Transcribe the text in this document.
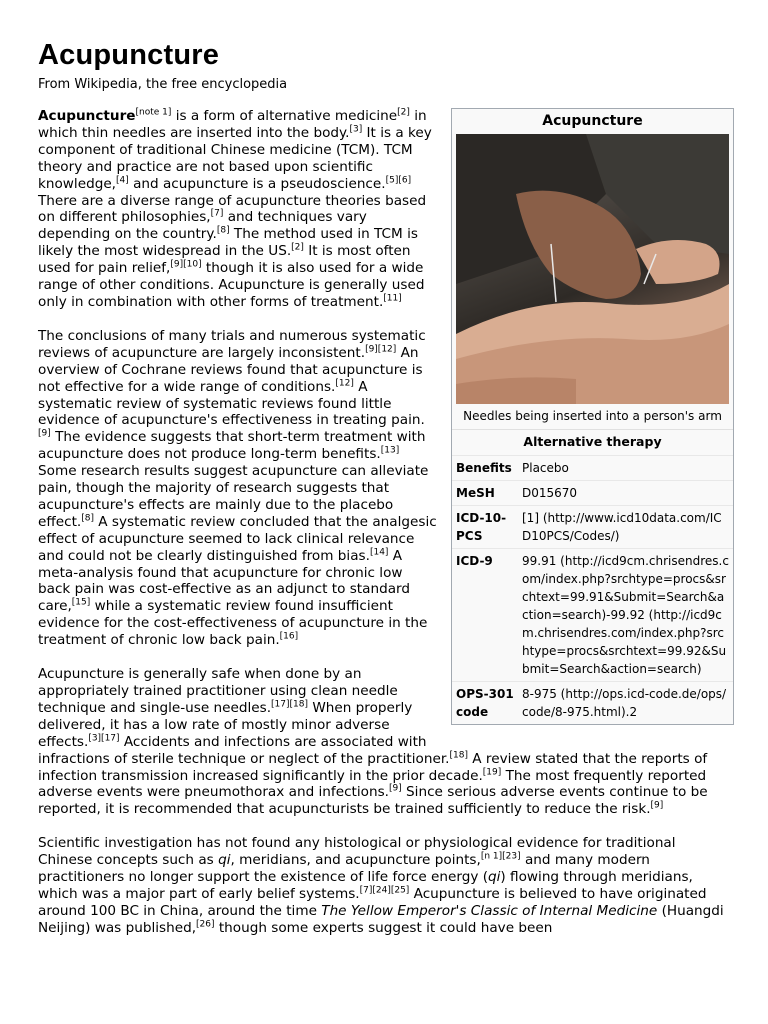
Acupuncture
From Wikipedia, the free encyclopedia
Acupuncture
Needles being inserted into a person's arm
Alternative therapy
Benefits Placebo
MeSH	D015670
ICD-10-PCS
[1] (http://www.icd10data.com/ICD10PCS/Codes/)
ICD-9	99.91 (http://icd9cm.chrisendres.com/index.php?srchtype=procs&srchtext=99.91&Submit=Search&action=search)-99.92 (http://icd9cm.chrisendres.com/index.php?srchtype=procs&srchtext=99.92&Submit=Search&action=search)
OPS-301 code
8-975 (http://ops.icd-code.de/ops/code/8-975.html).2

Acupuncture[note 1] is a form of alternative medicine[2] in which thin needles are inserted into the body.[3] It is a key component of traditional Chinese medicine (TCM). TCM theory and practice are not based upon scientific knowledge,[4] and acupuncture is a pseudoscience.[5][6] There are a diverse range of acupuncture theories based on different philosophies,[7] and techniques vary depending on the country.[8] The method used in TCM is likely the most widespread in the US.[2] It is most often used for pain relief,[9][10] though it is also used for a wide range of other conditions. Acupuncture is generally used only in combination with other forms of treatment.[11]

The conclusions of many trials and numerous systematic reviews of acupuncture are largely inconsistent.[9][12] An overview of Cochrane reviews found that acupuncture is not effective for a wide range of conditions.[12] A systematic review of systematic reviews found little evidence of acupuncture's effectiveness in treating pain.[9] The evidence suggests that short-term treatment with acupuncture does not produce long-term benefits.[13] Some research results suggest acupuncture can alleviate pain, though the majority of research suggests that acupuncture's effects are mainly due to the placebo effect.[8] A systematic review concluded that the analgesic effect of acupuncture seemed to lack clinical relevance and could not be clearly distinguished from bias.[14] A meta-analysis found that acupuncture for chronic low back pain was cost-effective as an adjunct to standard care,[15] while a systematic review found insufficient evidence for the cost-effectiveness of acupuncture in the treatment of chronic low back pain.[16]

Acupuncture is generally safe when done by an appropriately trained practitioner using clean needle technique and single-use needles.[17][18] When properly delivered, it has a low rate of mostly minor adverse effects.[3][17] Accidents and infections are associated with infractions of sterile technique or neglect of the practitioner.[18] A review stated that the reports of infection transmission increased significantly in the prior decade.[19] The most frequently reported adverse events were pneumothorax and infections.[9] Since serious adverse events continue to be reported, it is recommended that acupuncturists be trained sufficiently to reduce the risk.[9]

Scientific investigation has not found any histological or physiological evidence for traditional Chinese concepts such as qi, meridians, and acupuncture points,[n 1][23] and many modern practitioners no longer support the existence of life force energy (qi) flowing through meridians, which was a major part of early belief systems.[7][24][25] Acupuncture is believed to have originated around 100 BC in China, around the time The Yellow Emperor's Classic of Internal Medicine (Huangdi Neijing) was published,[26] though some experts suggest it could have been
